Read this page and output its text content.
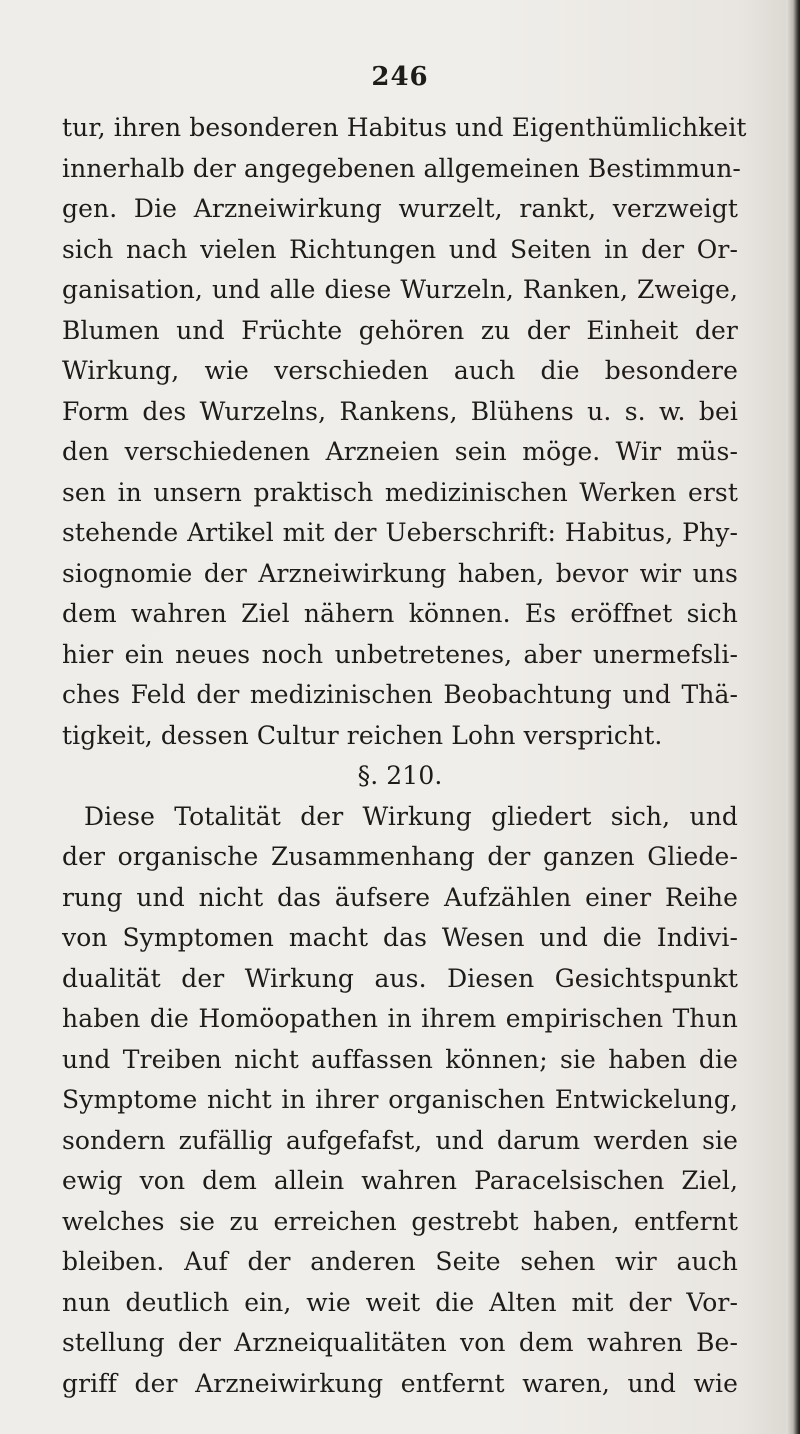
246
tur, ihren besonderen Habitus und Eigenthümlichkeit
innerhalb der angegebenen allgemeinen Bestimmun-
gen. Die Arzneiwirkung wurzelt, rankt, verzweigt
sich nach vielen Richtungen und Seiten in der Or-
ganisation, und alle diese Wurzeln, Ranken, Zweige,
Blumen und Früchte gehören zu der Einheit der
Wirkung, wie verschieden auch die besondere
Form des Wurzelns, Rankens, Blühens u. s. w. bei
den verschiedenen Arzneien sein möge. Wir müs-
sen in unsern praktisch medizinischen Werken erst
stehende Artikel mit der Ueberschrift: Habitus, Phy-
siognomie der Arzneiwirkung haben, bevor wir uns
dem wahren Ziel nähern können. Es eröffnet sich
hier ein neues noch unbetretenes, aber unermefsli-
ches Feld der medizinischen Beobachtung und Thä-
tigkeit, dessen Cultur reichen Lohn verspricht.
§. 210.
Diese Totalität der Wirkung gliedert sich, und
der organische Zusammenhang der ganzen Gliede-
rung und nicht das äufsere Aufzählen einer Reihe
von Symptomen macht das Wesen und die Indivi-
dualität der Wirkung aus. Diesen Gesichtspunkt
haben die Homöopathen in ihrem empirischen Thun
und Treiben nicht auffassen können; sie haben die
Symptome nicht in ihrer organischen Entwickelung,
sondern zufällig aufgefafst, und darum werden sie
ewig von dem allein wahren Paracelsischen Ziel,
welches sie zu erreichen gestrebt haben, entfernt
bleiben. Auf der anderen Seite sehen wir auch
nun deutlich ein, wie weit die Alten mit der Vor-
stellung der Arzneiqualitäten von dem wahren Be-
griff der Arzneiwirkung entfernt waren, und wie
